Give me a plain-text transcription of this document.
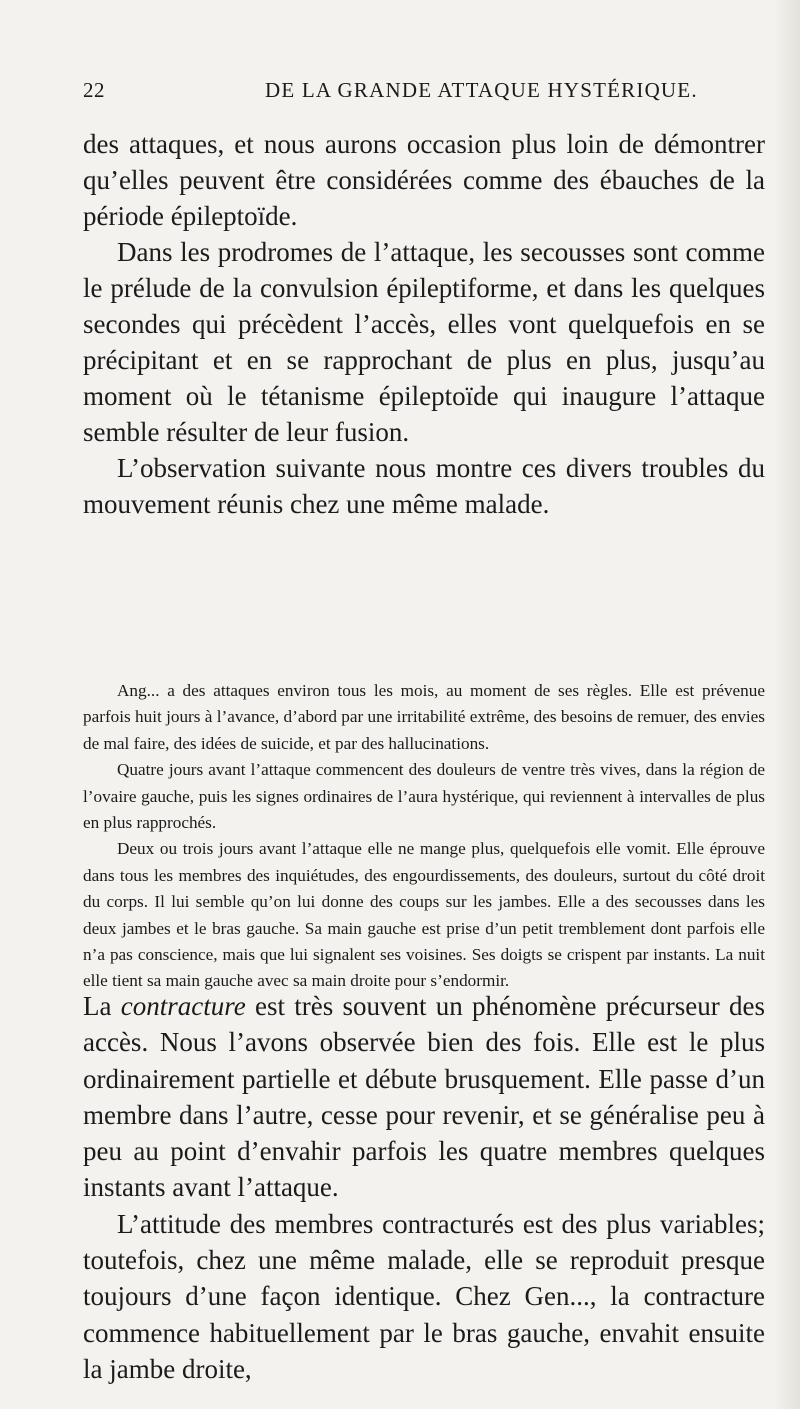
22	DE LA GRANDE ATTAQUE HYSTÉRIQUE.

des attaques, et nous aurons occasion plus loin de démontrer qu’elles peuvent être considérées comme des ébauches de la période épileptoïde.

Dans les prodromes de l’attaque, les secousses sont comme le prélude de la convulsion épileptiforme, et dans les quelques secondes qui précèdent l’accès, elles vont quelquefois en se précipitant et en se rapprochant de plus en plus, jusqu’au moment où le tétanisme épileptoïde qui inaugure l’attaque semble résulter de leur fusion.

L’observation suivante nous montre ces divers troubles du mouvement réunis chez une même malade.

Ang... a des attaques environ tous les mois, au moment de ses règles. Elle est prévenue parfois huit jours à l’avance, d’abord par une irritabilité extrême, des besoins de remuer, des envies de mal faire, des idées de suicide, et par des hallucinations.

Quatre jours avant l’attaque commencent des douleurs de ventre très vives, dans la région de l’ovaire gauche, puis les signes ordinaires de l’aura hystérique, qui reviennent à intervalles de plus en plus rapprochés.

Deux ou trois jours avant l’attaque elle ne mange plus, quelquefois elle vomit. Elle éprouve dans tous les membres des inquiétudes, des engourdissements, des douleurs, surtout du côté droit du corps. Il lui semble qu’on lui donne des coups sur les jambes. Elle a des secousses dans les deux jambes et le bras gauche. Sa main gauche est prise d’un petit tremblement dont parfois elle n’a pas conscience, mais que lui signalent ses voisines. Ses doigts se crispent par instants. La nuit elle tient sa main gauche avec sa main droite pour s’endormir.

La contracture est très souvent un phénomène précurseur des accès. Nous l’avons observée bien des fois. Elle est le plus ordinairement partielle et débute brusquement. Elle passe d’un membre dans l’autre, cesse pour revenir, et se généralise peu à peu au point d’envahir parfois les quatre membres quelques instants avant l’attaque.

L’attitude des membres contracturés est des plus variables; toutefois, chez une même malade, elle se reproduit presque toujours d’une façon identique. Chez Gen..., la contracture commence habituellement par le bras gauche, envahit ensuite la jambe droite,
